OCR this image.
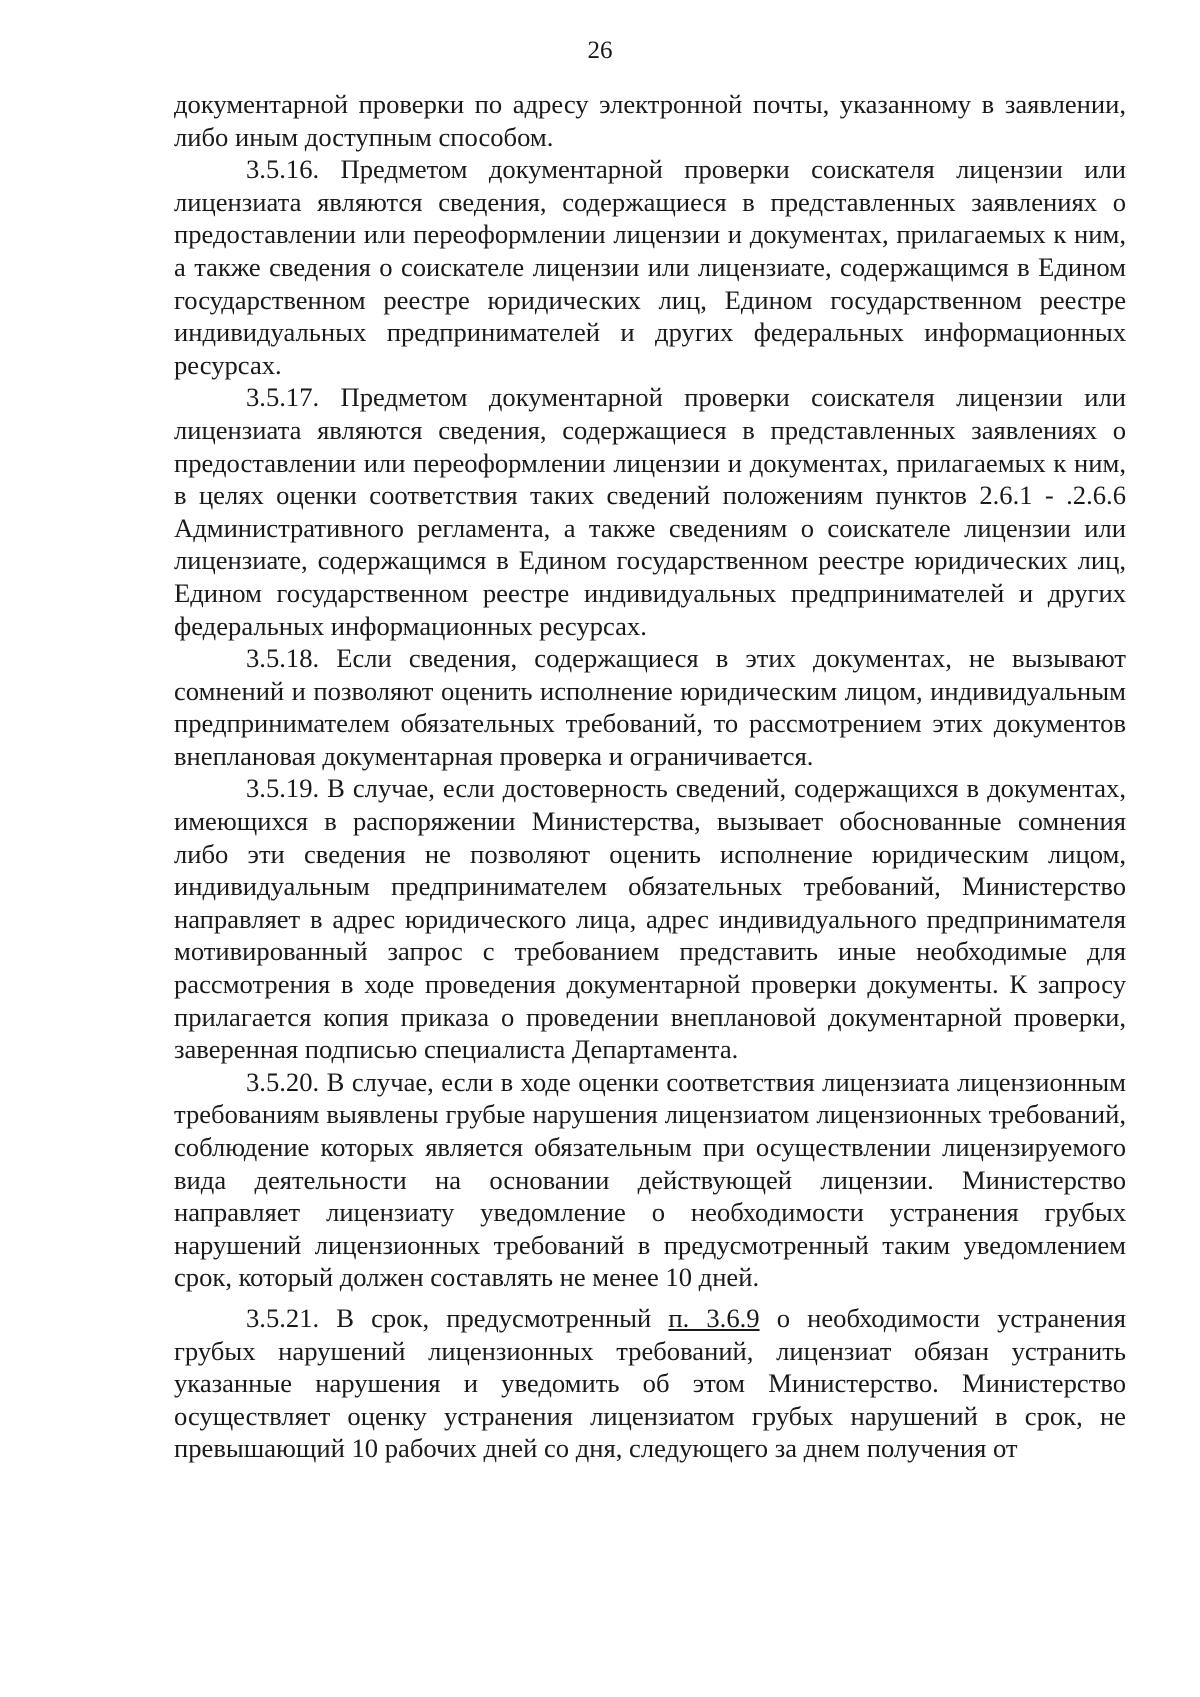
26

документарной проверки по адресу электронной почты, указанному в заявлении, либо иным доступным способом.

3.5.16. Предметом документарной проверки соискателя лицензии или лицензиата являются сведения, содержащиеся в представленных заявлениях о предоставлении или переоформлении лицензии и документах, прилагаемых к ним, а также сведения о соискателе лицензии или лицензиате, содержащимся в Едином государственном реестре юридических лиц, Едином государственном реестре индивидуальных предпринимателей и других федеральных информационных ресурсах.

3.5.17. Предметом документарной проверки соискателя лицензии или лицензиата являются сведения, содержащиеся в представленных заявлениях о предоставлении или переоформлении лицензии и документах, прилагаемых к ним, в целях оценки соответствия таких сведений положениям пунктов 2.6.1 - .2.6.6 Административного регламента, а также сведениям о соискателе лицензии или лицензиате, содержащимся в Едином государственном реестре юридических лиц, Едином государственном реестре индивидуальных предпринимателей и других федеральных информационных ресурсах.

3.5.18. Если сведения, содержащиеся в этих документах, не вызывают сомнений и позволяют оценить исполнение юридическим лицом, индивидуальным предпринимателем обязательных требований, то рассмотрением этих документов внеплановая документарная проверка и ограничивается.

3.5.19. В случае, если достоверность сведений, содержащихся в документах, имеющихся в распоряжении Министерства, вызывает обоснованные сомнения либо эти сведения не позволяют оценить исполнение юридическим лицом, индивидуальным предпринимателем обязательных требований, Министерство направляет в адрес юридического лица, адрес индивидуального предпринимателя мотивированный запрос с требованием представить иные необходимые для рассмотрения в ходе проведения документарной проверки документы. К запросу прилагается копия приказа о проведении внеплановой документарной проверки, заверенная подписью специалиста Департамента.

3.5.20. В случае, если в ходе оценки соответствия лицензиата лицензионным требованиям выявлены грубые нарушения лицензиатом лицензионных требований, соблюдение которых является обязательным при осуществлении лицензируемого вида деятельности на основании действующей лицензии. Министерство направляет лицензиату уведомление о необходимости устранения грубых нарушений лицензионных требований в предусмотренный таким уведомлением срок, который должен составлять не менее 10 дней.

3.5.21. В срок, предусмотренный п. 3.6.9 о необходимости устранения грубых нарушений лицензионных требований, лицензиат обязан устранить указанные нарушения и уведомить об этом Министерство. Министерство осуществляет оценку устранения лицензиатом грубых нарушений в срок, не превышающий 10 рабочих дней со дня, следующего за днем получения от
